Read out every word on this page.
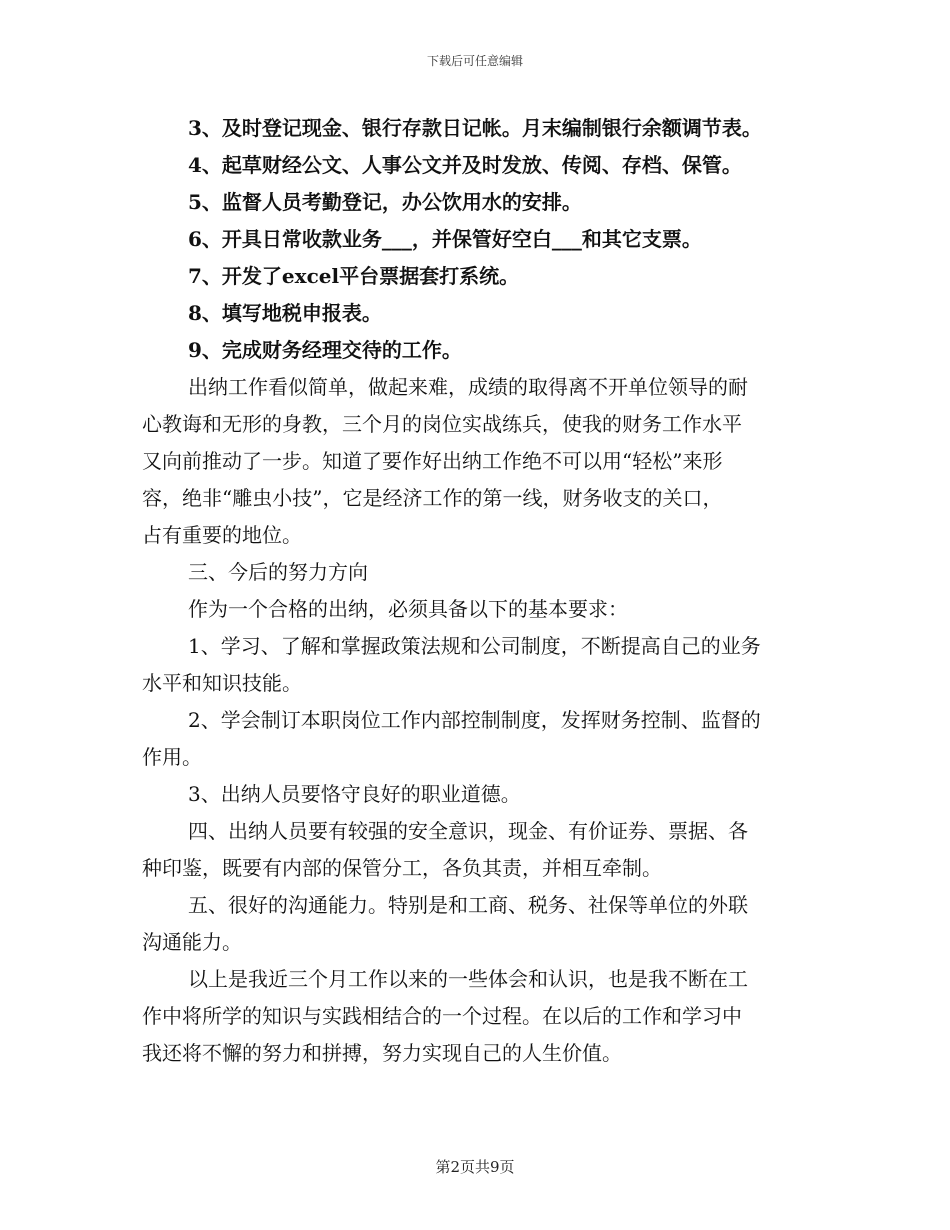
下载后可任意编辑
3、及时登记现金、银行存款日记帐。月末编制银行余额调节表。
4、起草财经公文、人事公文并及时发放、传阅、存档、保管。
5、监督人员考勤登记，办公饮用水的安排。
6、开具日常收款业务___，并保管好空白___和其它支票。
7、开发了excel平台票据套打系统。
8、填写地税申报表。
9、完成财务经理交待的工作。
出纳工作看似简单，做起来难，成绩的取得离不开单位领导的耐
心教诲和无形的身教，三个月的岗位实战练兵，使我的财务工作水平
又向前推动了一步。知道了要作好出纳工作绝不可以用“轻松”来形
容，绝非“雕虫小技”，它是经济工作的第一线，财务收支的关口，
占有重要的地位。
三、今后的努力方向
作为一个合格的出纳，必须具备以下的基本要求：
1、学习、了解和掌握政策法规和公司制度，不断提高自己的业务
水平和知识技能。
2、学会制订本职岗位工作内部控制制度，发挥财务控制、监督的
作用。
3、出纳人员要恪守良好的职业道德。
四、出纳人员要有较强的安全意识，现金、有价证券、票据、各
种印鉴，既要有内部的保管分工，各负其责，并相互牵制。
五、很好的沟通能力。特别是和工商、税务、社保等单位的外联
沟通能力。
以上是我近三个月工作以来的一些体会和认识，也是我不断在工
作中将所学的知识与实践相结合的一个过程。在以后的工作和学习中
我还将不懈的努力和拼搏，努力实现自己的人生价值。
第2页共9页
